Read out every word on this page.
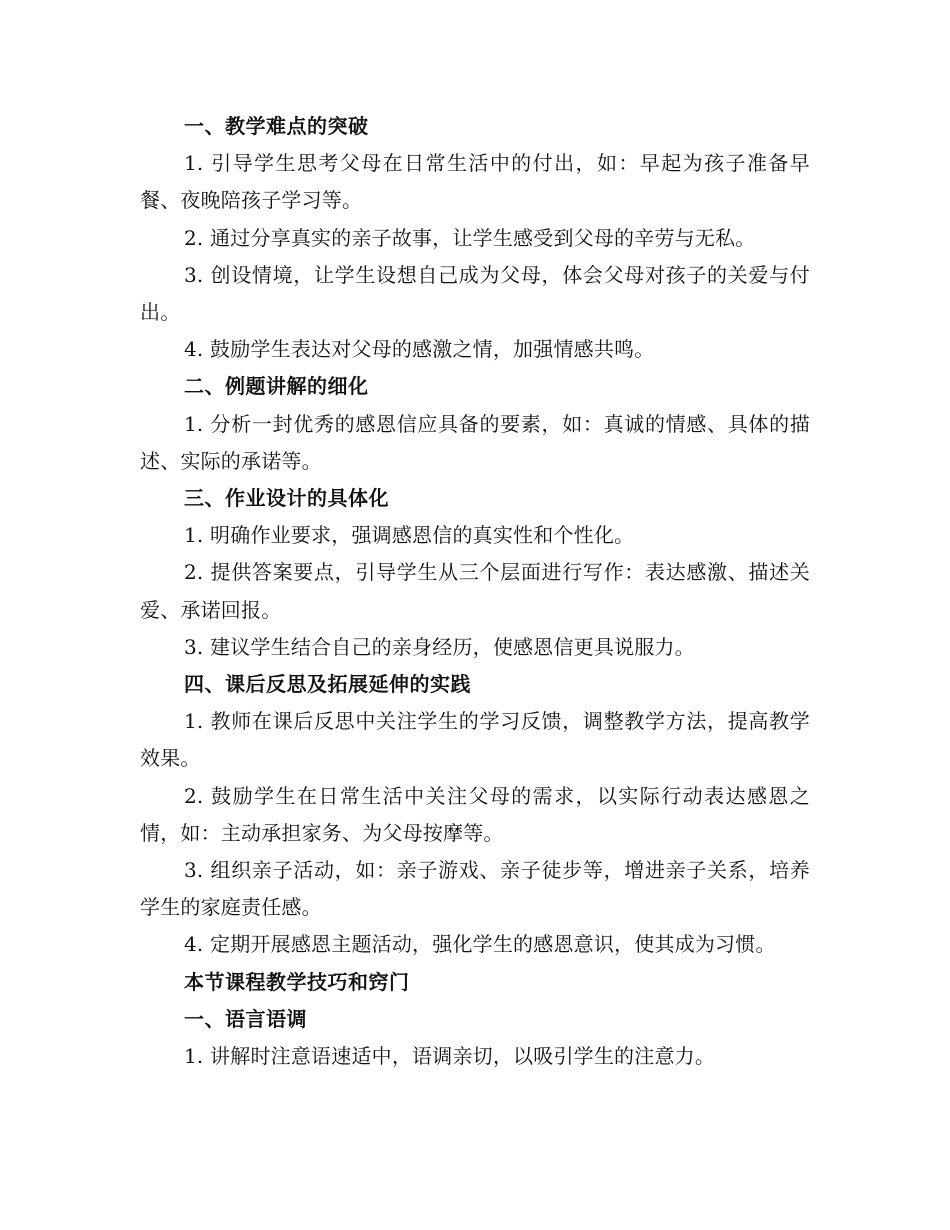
一、教学难点的突破

1. 引导学生思考父母在日常生活中的付出，如：早起为孩子准备早餐、夜晚陪孩子学习等。

2. 通过分享真实的亲子故事，让学生感受到父母的辛劳与无私。

3. 创设情境，让学生设想自己成为父母，体会父母对孩子的关爱与付出。

4. 鼓励学生表达对父母的感激之情，加强情感共鸣。

二、例题讲解的细化

1. 分析一封优秀的感恩信应具备的要素，如：真诚的情感、具体的描述、实际的承诺等。

三、作业设计的具体化

1. 明确作业要求，强调感恩信的真实性和个性化。

2. 提供答案要点，引导学生从三个层面进行写作：表达感激、描述关爱、承诺回报。

3. 建议学生结合自己的亲身经历，使感恩信更具说服力。

四、课后反思及拓展延伸的实践

1. 教师在课后反思中关注学生的学习反馈，调整教学方法，提高教学效果。

2. 鼓励学生在日常生活中关注父母的需求，以实际行动表达感恩之情，如：主动承担家务、为父母按摩等。

3. 组织亲子活动，如：亲子游戏、亲子徒步等，增进亲子关系，培养学生的家庭责任感。

4. 定期开展感恩主题活动，强化学生的感恩意识，使其成为习惯。

本节课程教学技巧和窍门

一、语言语调

1. 讲解时注意语速适中，语调亲切，以吸引学生的注意力。
